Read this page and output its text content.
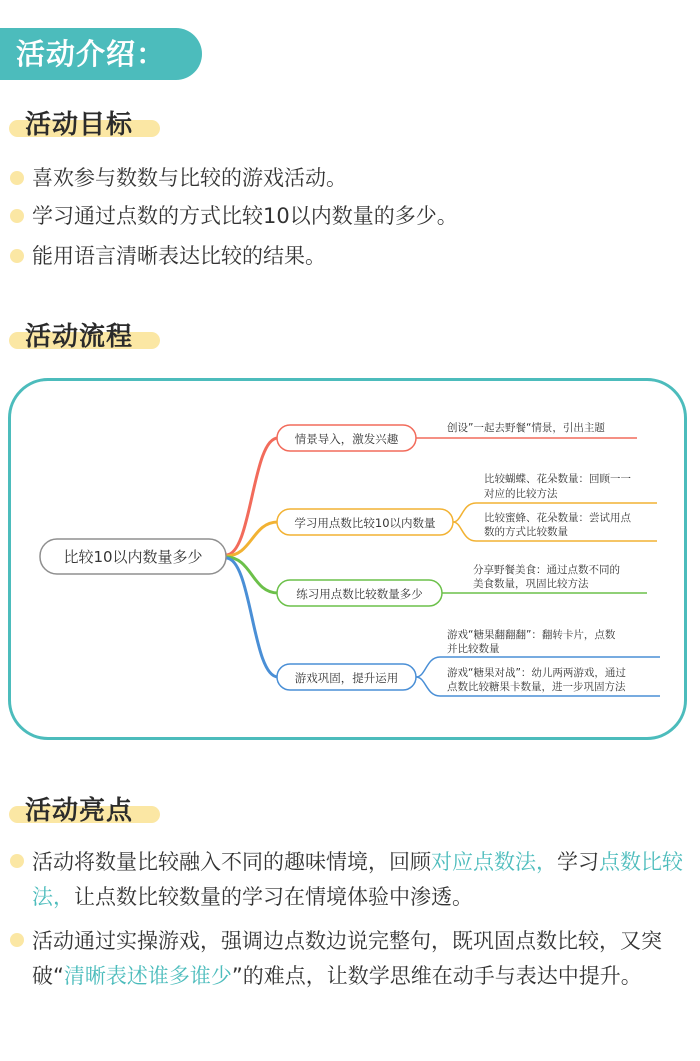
活动介绍：
活动目标
喜欢参与数数与比较的游戏活动。
学习通过点数的方式比较10以内数量的多少。
能用语言清晰表达比较的结果。
活动流程
比较10以内数量多少
情景导入，激发兴趣
创设”一起去野餐“情景，引出主题
学习用点数比较10以内数量
比较蝴蝶、花朵数量：回顾一一
对应的比较方法
比较蜜蜂、花朵数量：尝试用点
数的方式比较数量
练习用点数比较数量多少
分享野餐美食：通过点数不同的
美食数量，巩固比较方法
游戏巩固，提升运用
游戏“糖果翻翻翻”：翻转卡片，点数
并比较数量
游戏“糖果对战”：幼儿两两游戏，通过
点数比较糖果卡数量，进一步巩固方法
活动亮点
活动将数量比较融入不同的趣味情境，回顾对应点数法，学习点数比较法，让点数比较数量的学习在情境体验中渗透。
活动通过实操游戏，强调边点数边说完整句，既巩固点数比较，又突破“清晰表述谁多谁少”的难点，让数学思维在动手与表达中提升。
